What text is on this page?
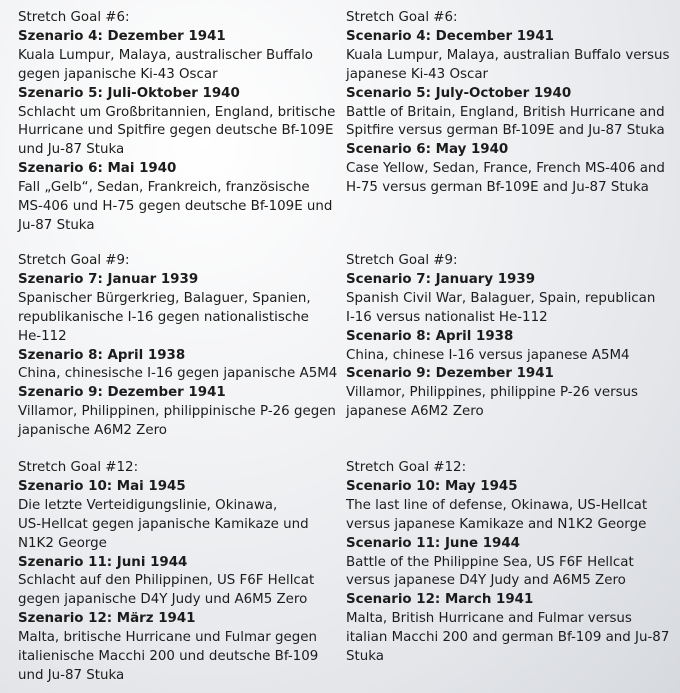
Stretch Goal #6:
Szenario 4: Dezember 1941
Kuala Lumpur, Malaya, australischer Buffalo
gegen japanische Ki-43 Oscar
Szenario 5: Juli-Oktober 1940
Schlacht um Großbritannien, England, britische
Hurricane und Spitfire gegen deutsche Bf-109E
und Ju-87 Stuka
Szenario 6: Mai 1940
Fall „Gelb“, Sedan, Frankreich, französische
MS-406 und H-75 gegen deutsche Bf-109E und
Ju-87 Stuka
Stretch Goal #9:
Szenario 7: Januar 1939
Spanischer Bürgerkrieg, Balaguer, Spanien,
republikanische I-16 gegen nationalistische
He-112
Szenario 8: April 1938
China, chinesische I-16 gegen japanische A5M4
Szenario 9: Dezember 1941
Villamor, Philippinen, philippinische P-26 gegen
japanische A6M2 Zero
Stretch Goal #12:
Szenario 10: Mai 1945
Die letzte Verteidigungslinie, Okinawa,
US-Hellcat gegen japanische Kamikaze und
N1K2 George
Szenario 11: Juni 1944
Schlacht auf den Philippinen, US F6F Hellcat
gegen japanische D4Y Judy und A6M5 Zero
Szenario 12: März 1941
Malta, britische Hurricane und Fulmar gegen
italienische Macchi 200 und deutsche Bf-109
und Ju-87 Stuka
Stretch Goal #6:
Scenario 4: December 1941
Kuala Lumpur, Malaya, australian Buffalo versus
japanese Ki-43 Oscar
Scenario 5: July-October 1940
Battle of Britain, England, British Hurricane and
Spitfire versus german Bf-109E and Ju-87 Stuka
Scenario 6: May 1940
Case Yellow, Sedan, France, French MS-406 and
H-75 versus german Bf-109E and Ju-87 Stuka
Stretch Goal #9:
Scenario 7: January 1939
Spanish Civil War, Balaguer, Spain, republican
I-16 versus nationalist He-112
Scenario 8: April 1938
China, chinese I-16 versus japanese A5M4
Scenario 9: Dezember 1941
Villamor, Philippines, philippine P-26 versus
japanese A6M2 Zero
Stretch Goal #12:
Scenario 10: May 1945
The last line of defense, Okinawa, US-Hellcat
versus japanese Kamikaze and N1K2 George
Scenario 11: June 1944
Battle of the Philippine Sea, US F6F Hellcat
versus japanese D4Y Judy and A6M5 Zero
Scenario 12: March 1941
Malta, British Hurricane and Fulmar versus
italian Macchi 200 and german Bf-109 and Ju-87
Stuka
